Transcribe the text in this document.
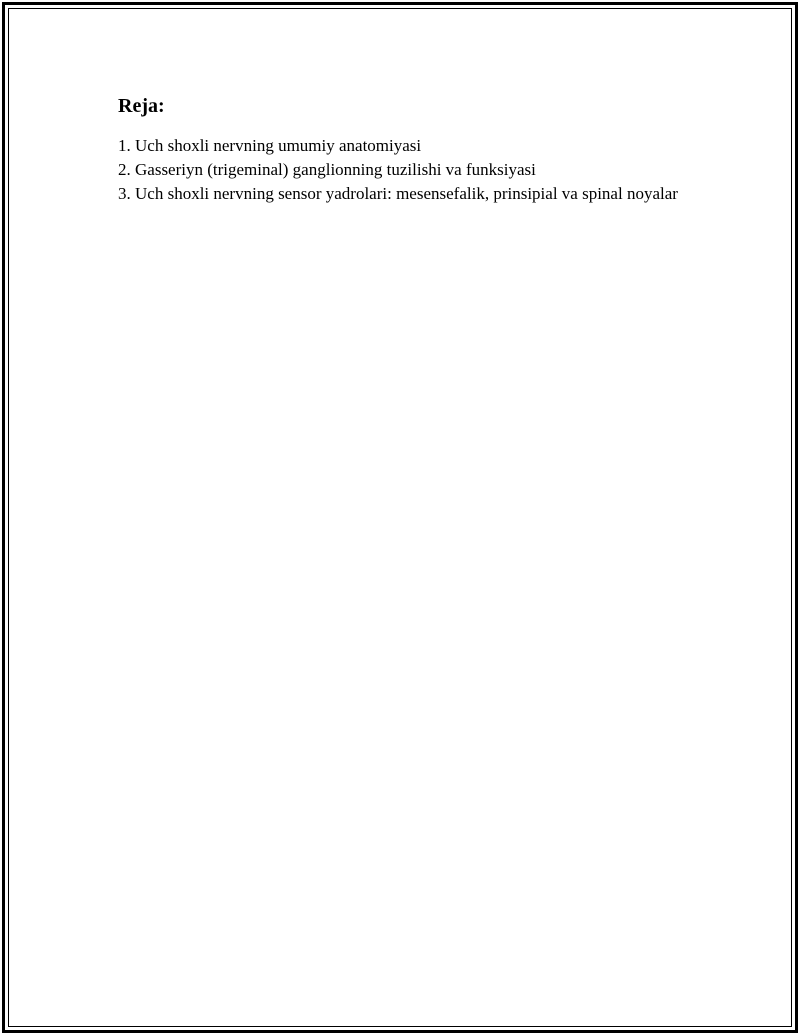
Reja:
1. Uch shoxli nervning umumiy anatomiyasi
2. Gasseriyn (trigeminal) ganglionning tuzilishi va funksiyasi
3. Uch shoxli nervning sensor yadrolari: mesensefalik, prinsipial va spinal noyalar
